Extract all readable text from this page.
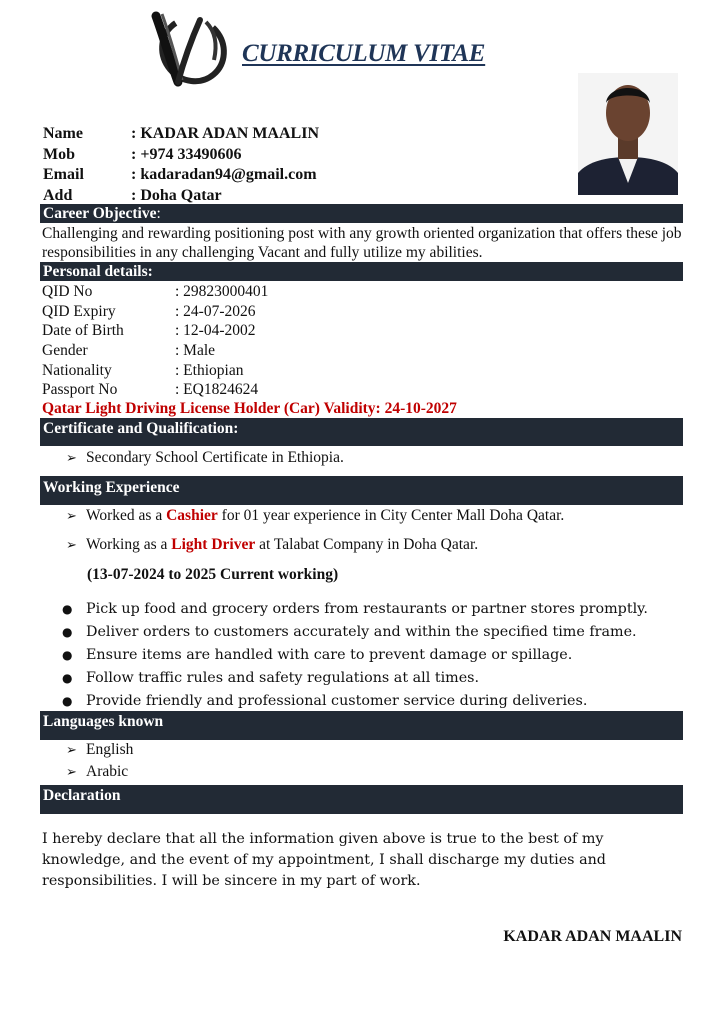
CURRICULUM VITAE
Name	: KADAR ADAN MAALIN
Mob	: +974 33490606
Email	: kadaradan94@gmail.com
Add	: Doha Qatar
Career Objective:
Challenging and rewarding positioning post with any growth oriented organization that offers these job responsibilities in any challenging Vacant and fully utilize my abilities.
Personal details:
QID No	: 29823000401
QID Expiry	: 24-07-2026
Date of Birth	: 12-04-2002
Gender	: Male
Nationality	: Ethiopian
Passport No	: EQ1824624
Qatar Light Driving License Holder (Car) Validity: 24-10-2027
Certificate and Qualification:
➢ Secondary School Certificate in Ethiopia.
Working Experience
➢ Worked as a Cashier for 01 year experience in City Center Mall Doha Qatar.
➢ Working as a Light Driver at Talabat Company in Doha Qatar.
(13-07-2024 to 2025 Current working)
● Pick up food and grocery orders from restaurants or partner stores promptly.
● Deliver orders to customers accurately and within the specified time frame.
● Ensure items are handled with care to prevent damage or spillage.
● Follow traffic rules and safety regulations at all times.
● Provide friendly and professional customer service during deliveries.
Languages known
➢ English
➢ Arabic
Declaration
I hereby declare that all the information given above is true to the best of my knowledge, and the event of my appointment, I shall discharge my duties and responsibilities. I will be sincere in my part of work.
KADAR ADAN MAALIN
